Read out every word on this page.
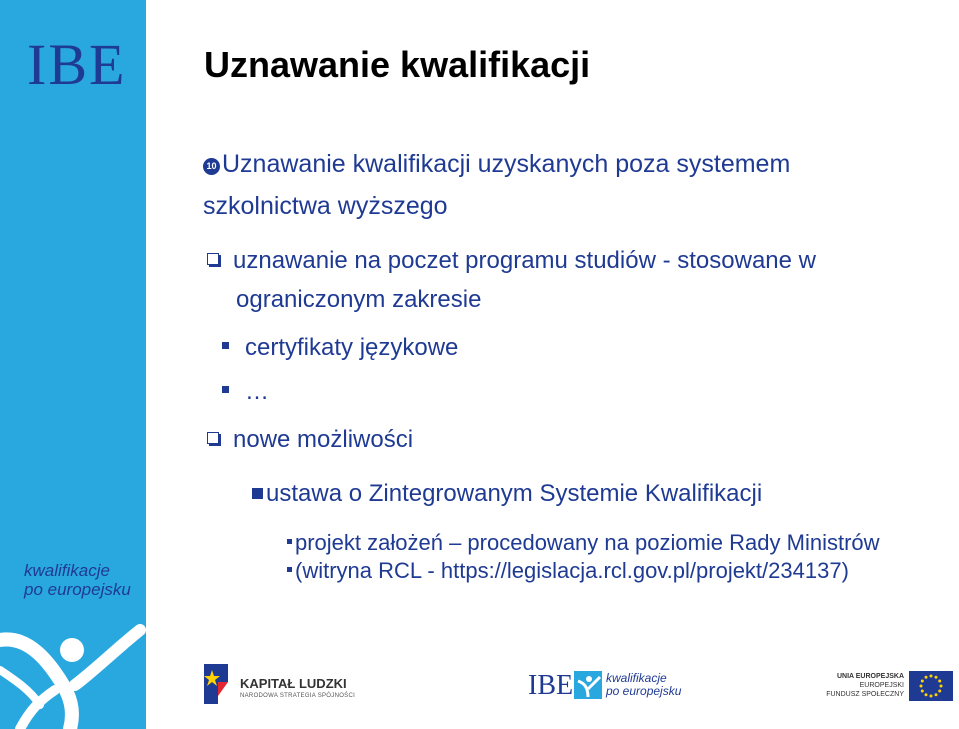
IBE
kwalifikacje
po europejsku
Uznawanie kwalifikacji
10 Uznawanie kwalifikacji uzyskanych poza systemem
szkolnictwa wyższego
uznawanie na poczet programu studiów - stosowane w
ograniczonym zakresie
certyfikaty językowe
…
nowe możliwości
ustawa o Zintegrowanym Systemie Kwalifikacji
projekt założeń – procedowany na poziomie Rady Ministrów
(witryna RCL - https://legislacja.rcl.gov.pl/projekt/234137)
KAPITAŁ LUDZKI
NARODOWA STRATEGIA SPÓJNOŚCI	IBE	kwalifikacje
po europejsku
UNIA EUROPEJSKA
EUROPEJSKI
FUNDUSZ SPOŁECZNY
